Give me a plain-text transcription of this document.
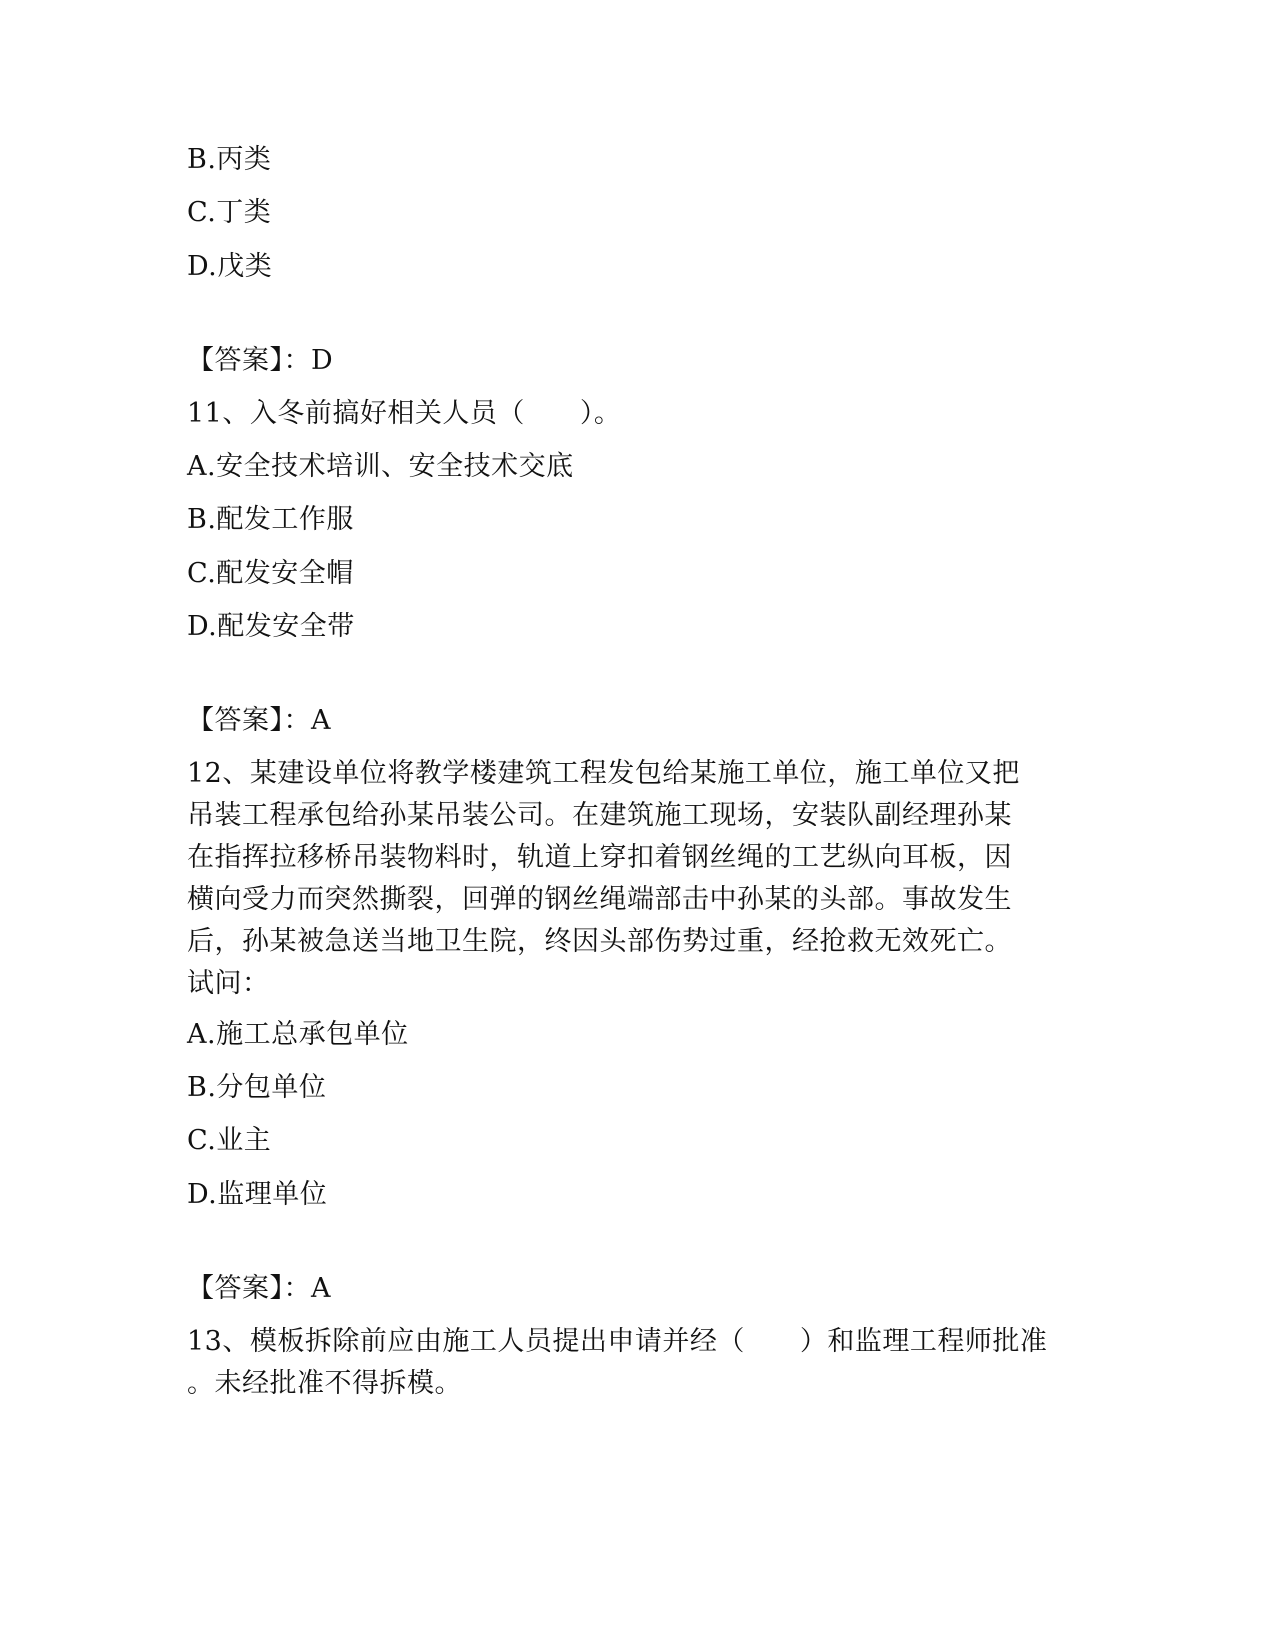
B.丙类
C.丁类
D.戊类
【答案】：D
11、入冬前搞好相关人员（　　）。
A.安全技术培训、安全技术交底
B.配发工作服
C.配发安全帽
D.配发安全带
【答案】：A
12、某建设单位将教学楼建筑工程发包给某施工单位，施工单位又把
吊装工程承包给孙某吊装公司。在建筑施工现场，安装队副经理孙某
在指挥拉移桥吊装物料时，轨道上穿扣着钢丝绳的工艺纵向耳板，因
横向受力而突然撕裂，回弹的钢丝绳端部击中孙某的头部。事故发生
后，孙某被急送当地卫生院，终因头部伤势过重，经抢救无效死亡。
试问：
A.施工总承包单位
B.分包单位
C.业主
D.监理单位
【答案】：A
13、模板拆除前应由施工人员提出申请并经（　　）和监理工程师批准
。未经批准不得拆模。
